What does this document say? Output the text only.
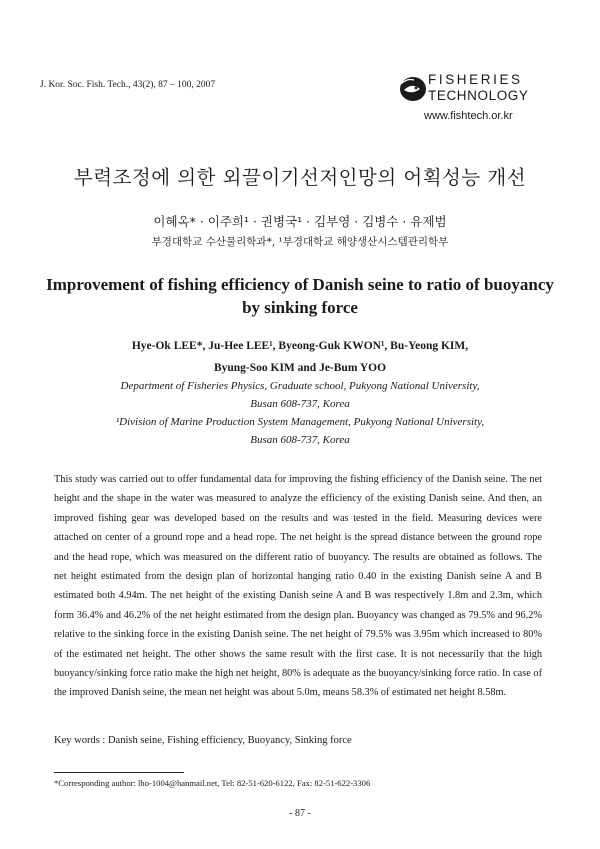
J. Kor. Soc. Fish. Tech., 43(2), 87 – 100, 2007	FISHERIES
TECHNOLOGY
www.fishtech.or.kr
부력조정에 의한 외끌이기선저인망의 어획성능 개선
이혜옥* · 이주희¹ · 권병국¹ · 김부영 · 김병수 · 유제범
부경대학교 수산물리학과*, ¹부경대학교 해양생산시스템관리학부
Improvement of fishing efficiency of Danish seine to ratio of buoyancy by sinking force
Hye-Ok LEE*, Ju-Hee LEE¹, Byeong-Guk KWON¹, Bu-Yeong KIM,
Byung-Soo KIM and Je-Bum YOO
Department of Fisheries Physics, Graduate school, Pukyong National University,
Busan 608-737, Korea
¹Division of Marine Production System Management, Pukyong National University,
Busan 608-737, Korea
This study was carried out to offer fundamental data for improving the fishing efficiency of the Danish seine. The net height and the shape in the water was measured to analyze the efficiency of the existing Danish seine. And then, an improved fishing gear was developed based on the results and was tested in the field. Measuring devices were attached on center of a ground rope and a head rope. The net height is the spread distance between the ground rope and the head rope, which was measured on the different ratio of buoyancy. The results are obtained as follows. The net height estimated from the design plan of horizontal hanging ratio 0.40 in the existing Danish seine A and B estimated both 4.94m. The net height of the existing Danish seine A and B was respectively 1.8m and 2.3m, which form 36.4% and 46.2% of the net height estimated from the design plan. Buoyancy was changed as 79.5% and 96.2% relative to the sinking force in the existing Danish seine. The net height of 79.5% was 3.95m which increased to 80% of the estimated net height. The other shows the same result with the first case. It is not necessarily that the high buoyancy/sinking force ratio make the high net height, 80% is adequate as the buoyancy/sinking force ratio. In case of the improved Danish seine, the mean net height was about 5.0m, means 58.3% of estimated net height 8.58m.
Key words : Danish seine, Fishing efficiency, Buoyancy, Sinking force
*Corresponding author: lho-1004@hanmail.net, Tel: 82-51-620-6122, Fax: 82-51-622-3306
- 87 -
